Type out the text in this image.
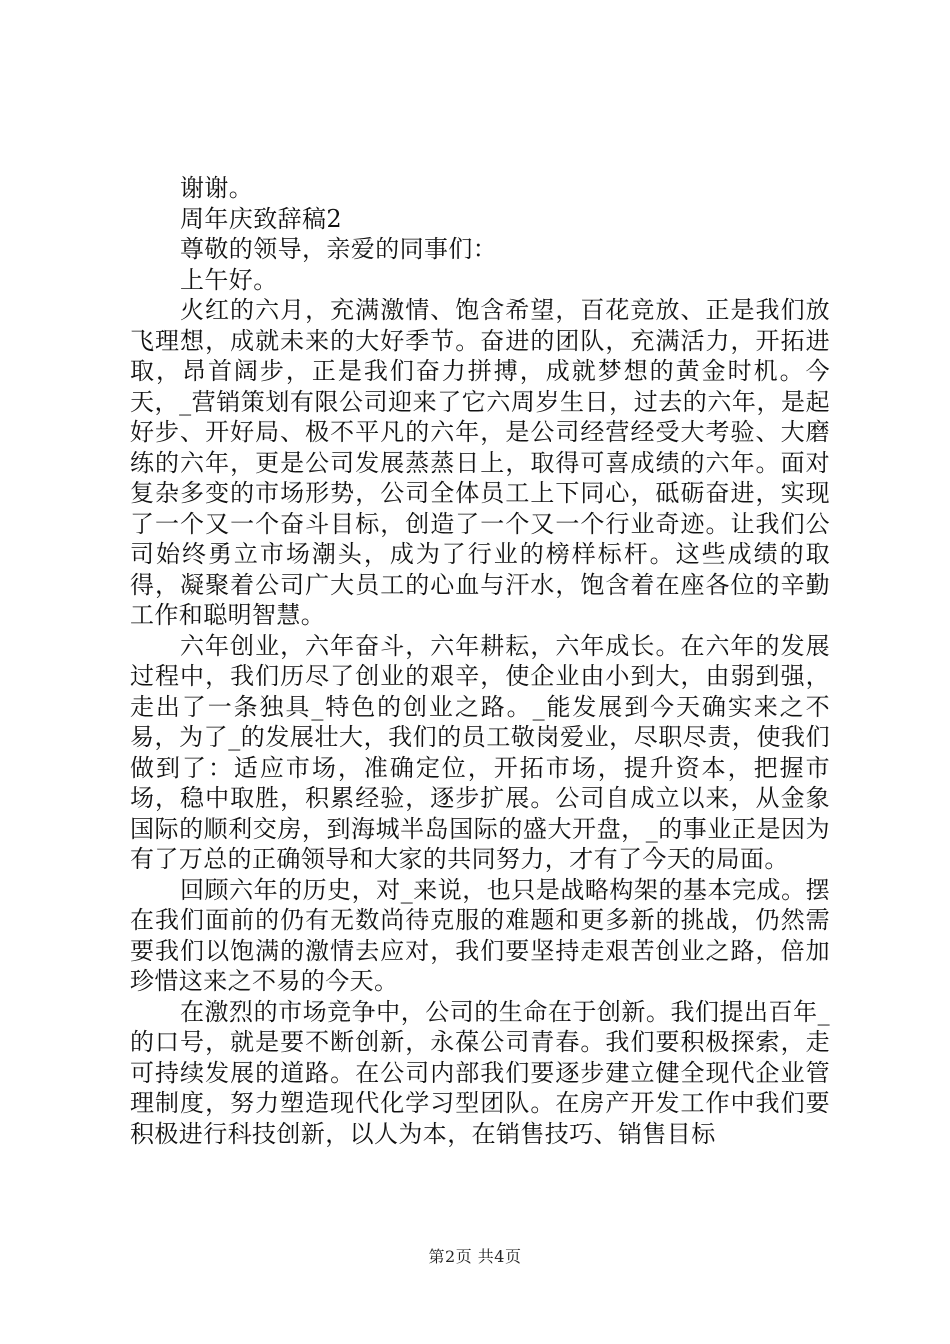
谢谢。

周年庆致辞稿2

尊敬的领导，亲爱的同事们：

上午好。

火红的六月，充满激情、饱含希望，百花竞放、正是我们放飞理想，成就未来的大好季节。奋进的团队，充满活力，开拓进取，昂首阔步，正是我们奋力拼搏，成就梦想的黄金时机。今天，_营销策划有限公司迎来了它六周岁生日，过去的六年，是起好步、开好局、极不平凡的六年，是公司经营经受大考验、大磨练的六年，更是公司发展蒸蒸日上，取得可喜成绩的六年。面对复杂多变的市场形势，公司全体员工上下同心，砥砺奋进，实现了一个又一个奋斗目标，创造了一个又一个行业奇迹。让我们公司始终勇立市场潮头，成为了行业的榜样标杆。这些成绩的取得，凝聚着公司广大员工的心血与汗水，饱含着在座各位的辛勤工作和聪明智慧。

六年创业，六年奋斗，六年耕耘，六年成长。在六年的发展过程中，我们历尽了创业的艰辛，使企业由小到大，由弱到强，走出了一条独具_特色的创业之路。_能发展到今天确实来之不易，为了_的发展壮大，我们的员工敬岗爱业，尽职尽责，使我们做到了：适应市场，准确定位，开拓市场，提升资本，把握市场，稳中取胜，积累经验，逐步扩展。公司自成立以来，从金象国际的顺利交房，到海城半岛国际的盛大开盘，_的事业正是因为有了万总的正确领导和大家的共同努力，才有了今天的局面。

回顾六年的历史，对_来说，也只是战略构架的基本完成。摆在我们面前的仍有无数尚待克服的难题和更多新的挑战，仍然需要我们以饱满的激情去应对，我们要坚持走艰苦创业之路，倍加珍惜这来之不易的今天。

在激烈的市场竞争中，公司的生命在于创新。我们提出百年_的口号，就是要不断创新，永葆公司青春。我们要积极探索，走可持续发展的道路。在公司内部我们要逐步建立健全现代企业管理制度，努力塑造现代化学习型团队。在房产开发工作中我们要积极进行科技创新，以人为本，在销售技巧、销售目标

第2页 共4页
